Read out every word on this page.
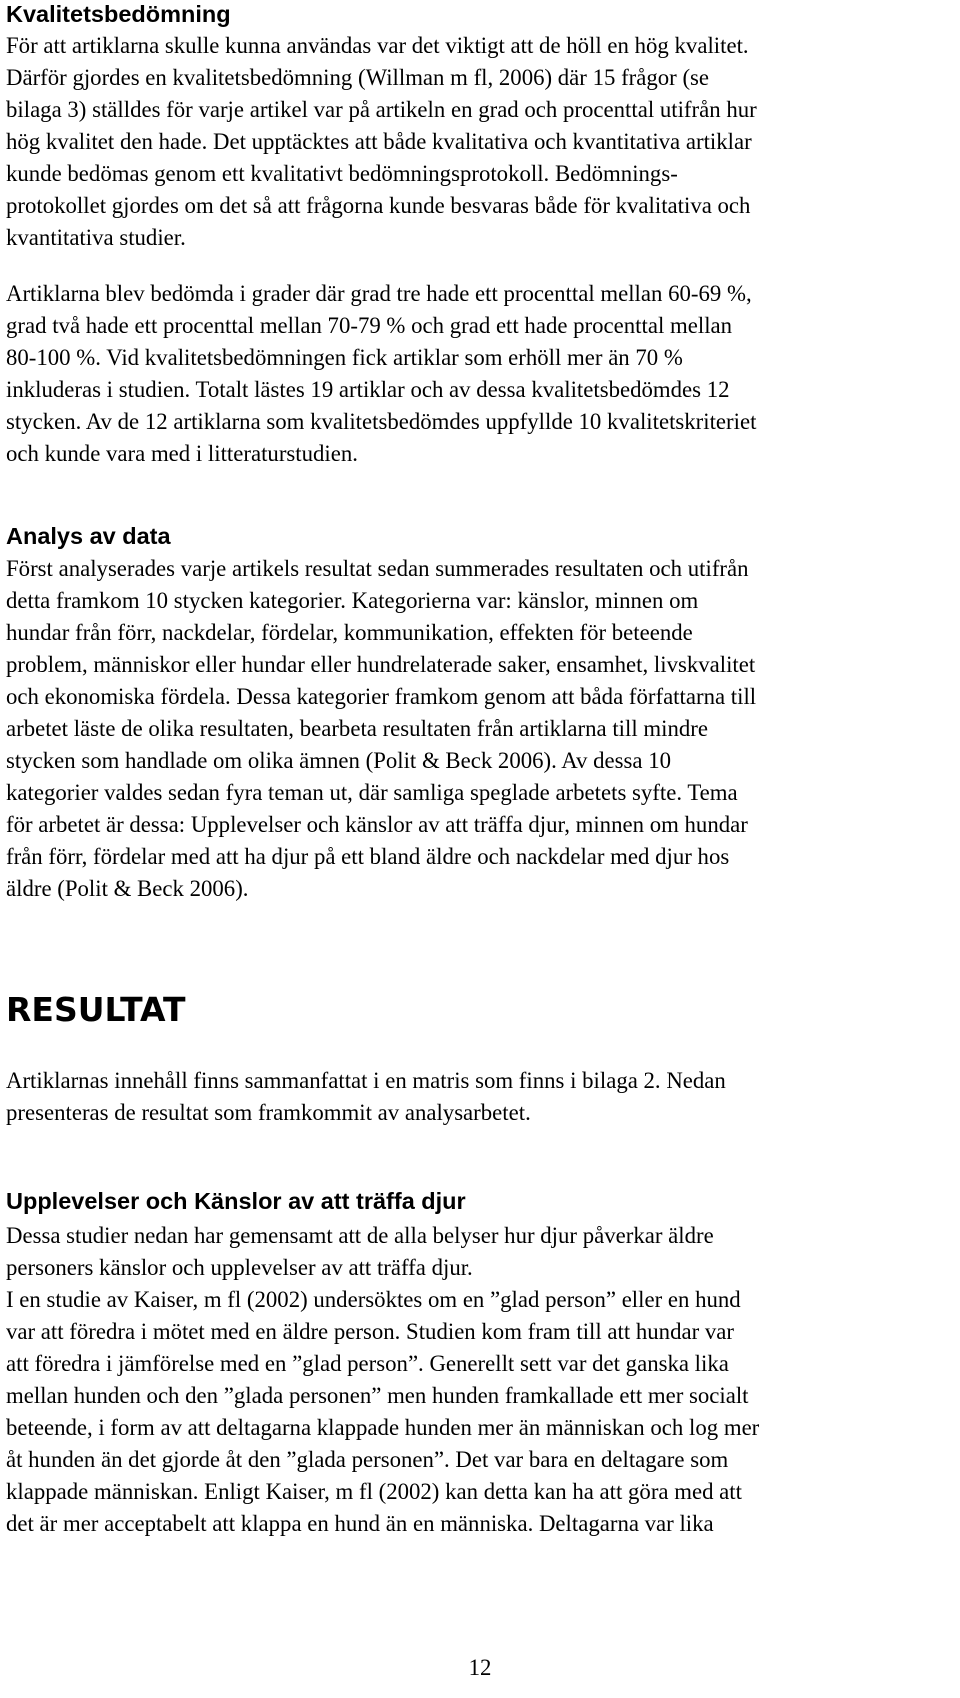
Kvalitetsbedömning
För att artiklarna skulle kunna användas var det viktigt att de höll en hög kvalitet.
Därför gjordes en kvalitetsbedömning (Willman m fl, 2006) där 15 frågor (se
bilaga 3) ställdes för varje artikel var på artikeln en grad och procenttal utifrån hur
hög kvalitet den hade. Det upptäcktes att både kvalitativa och kvantitativa artiklar
kunde bedömas genom ett kvalitativt bedömningsprotokoll. Bedömnings-
protokollet gjordes om det så att frågorna kunde besvaras både för kvalitativa och
kvantitativa studier.
Artiklarna blev bedömda i grader där grad tre hade ett procenttal mellan 60-69 %,
grad två hade ett procenttal mellan 70-79 % och grad ett hade procenttal mellan
80-100 %. Vid kvalitetsbedömningen fick artiklar som erhöll mer än 70 %
inkluderas i studien. Totalt lästes 19 artiklar och av dessa kvalitetsbedömdes 12
stycken. Av de 12 artiklarna som kvalitetsbedömdes uppfyllde 10 kvalitetskriteriet
och kunde vara med i litteraturstudien.
Analys av data
Först analyserades varje artikels resultat sedan summerades resultaten och utifrån
detta framkom 10 stycken kategorier. Kategorierna var: känslor, minnen om
hundar från förr, nackdelar, fördelar, kommunikation, effekten för beteende
problem, människor eller hundar eller hundrelaterade saker, ensamhet, livskvalitet
och ekonomiska fördela. Dessa kategorier framkom genom att båda författarna till
arbetet läste de olika resultaten, bearbeta resultaten från artiklarna till mindre
stycken som handlade om olika ämnen (Polit & Beck 2006). Av dessa 10
kategorier valdes sedan fyra teman ut, där samliga speglade arbetets syfte. Tema
för arbetet är dessa: Upplevelser och känslor av att träffa djur, minnen om hundar
från förr, fördelar med att ha djur på ett bland äldre och nackdelar med djur hos
äldre (Polit & Beck 2006).
RESULTAT
Artiklarnas innehåll finns sammanfattat i en matris som finns i bilaga 2. Nedan
presenteras de resultat som framkommit av analysarbetet.
Upplevelser och Känslor av att träffa djur
Dessa studier nedan har gemensamt att de alla belyser hur djur påverkar äldre
personers känslor och upplevelser av att träffa djur.
I en studie av Kaiser, m fl (2002) undersöktes om en ”glad person” eller en hund
var att föredra i mötet med en äldre person. Studien kom fram till att hundar var
att föredra i jämförelse med en ”glad person”. Generellt sett var det ganska lika
mellan hunden och den ”glada personen” men hunden framkallade ett mer socialt
beteende, i form av att deltagarna klappade hunden mer än människan och log mer
åt hunden än det gjorde åt den ”glada personen”. Det var bara en deltagare som
klappade människan. Enligt Kaiser, m fl (2002) kan detta kan ha att göra med att
det är mer acceptabelt att klappa en hund än en människa. Deltagarna var lika
12
